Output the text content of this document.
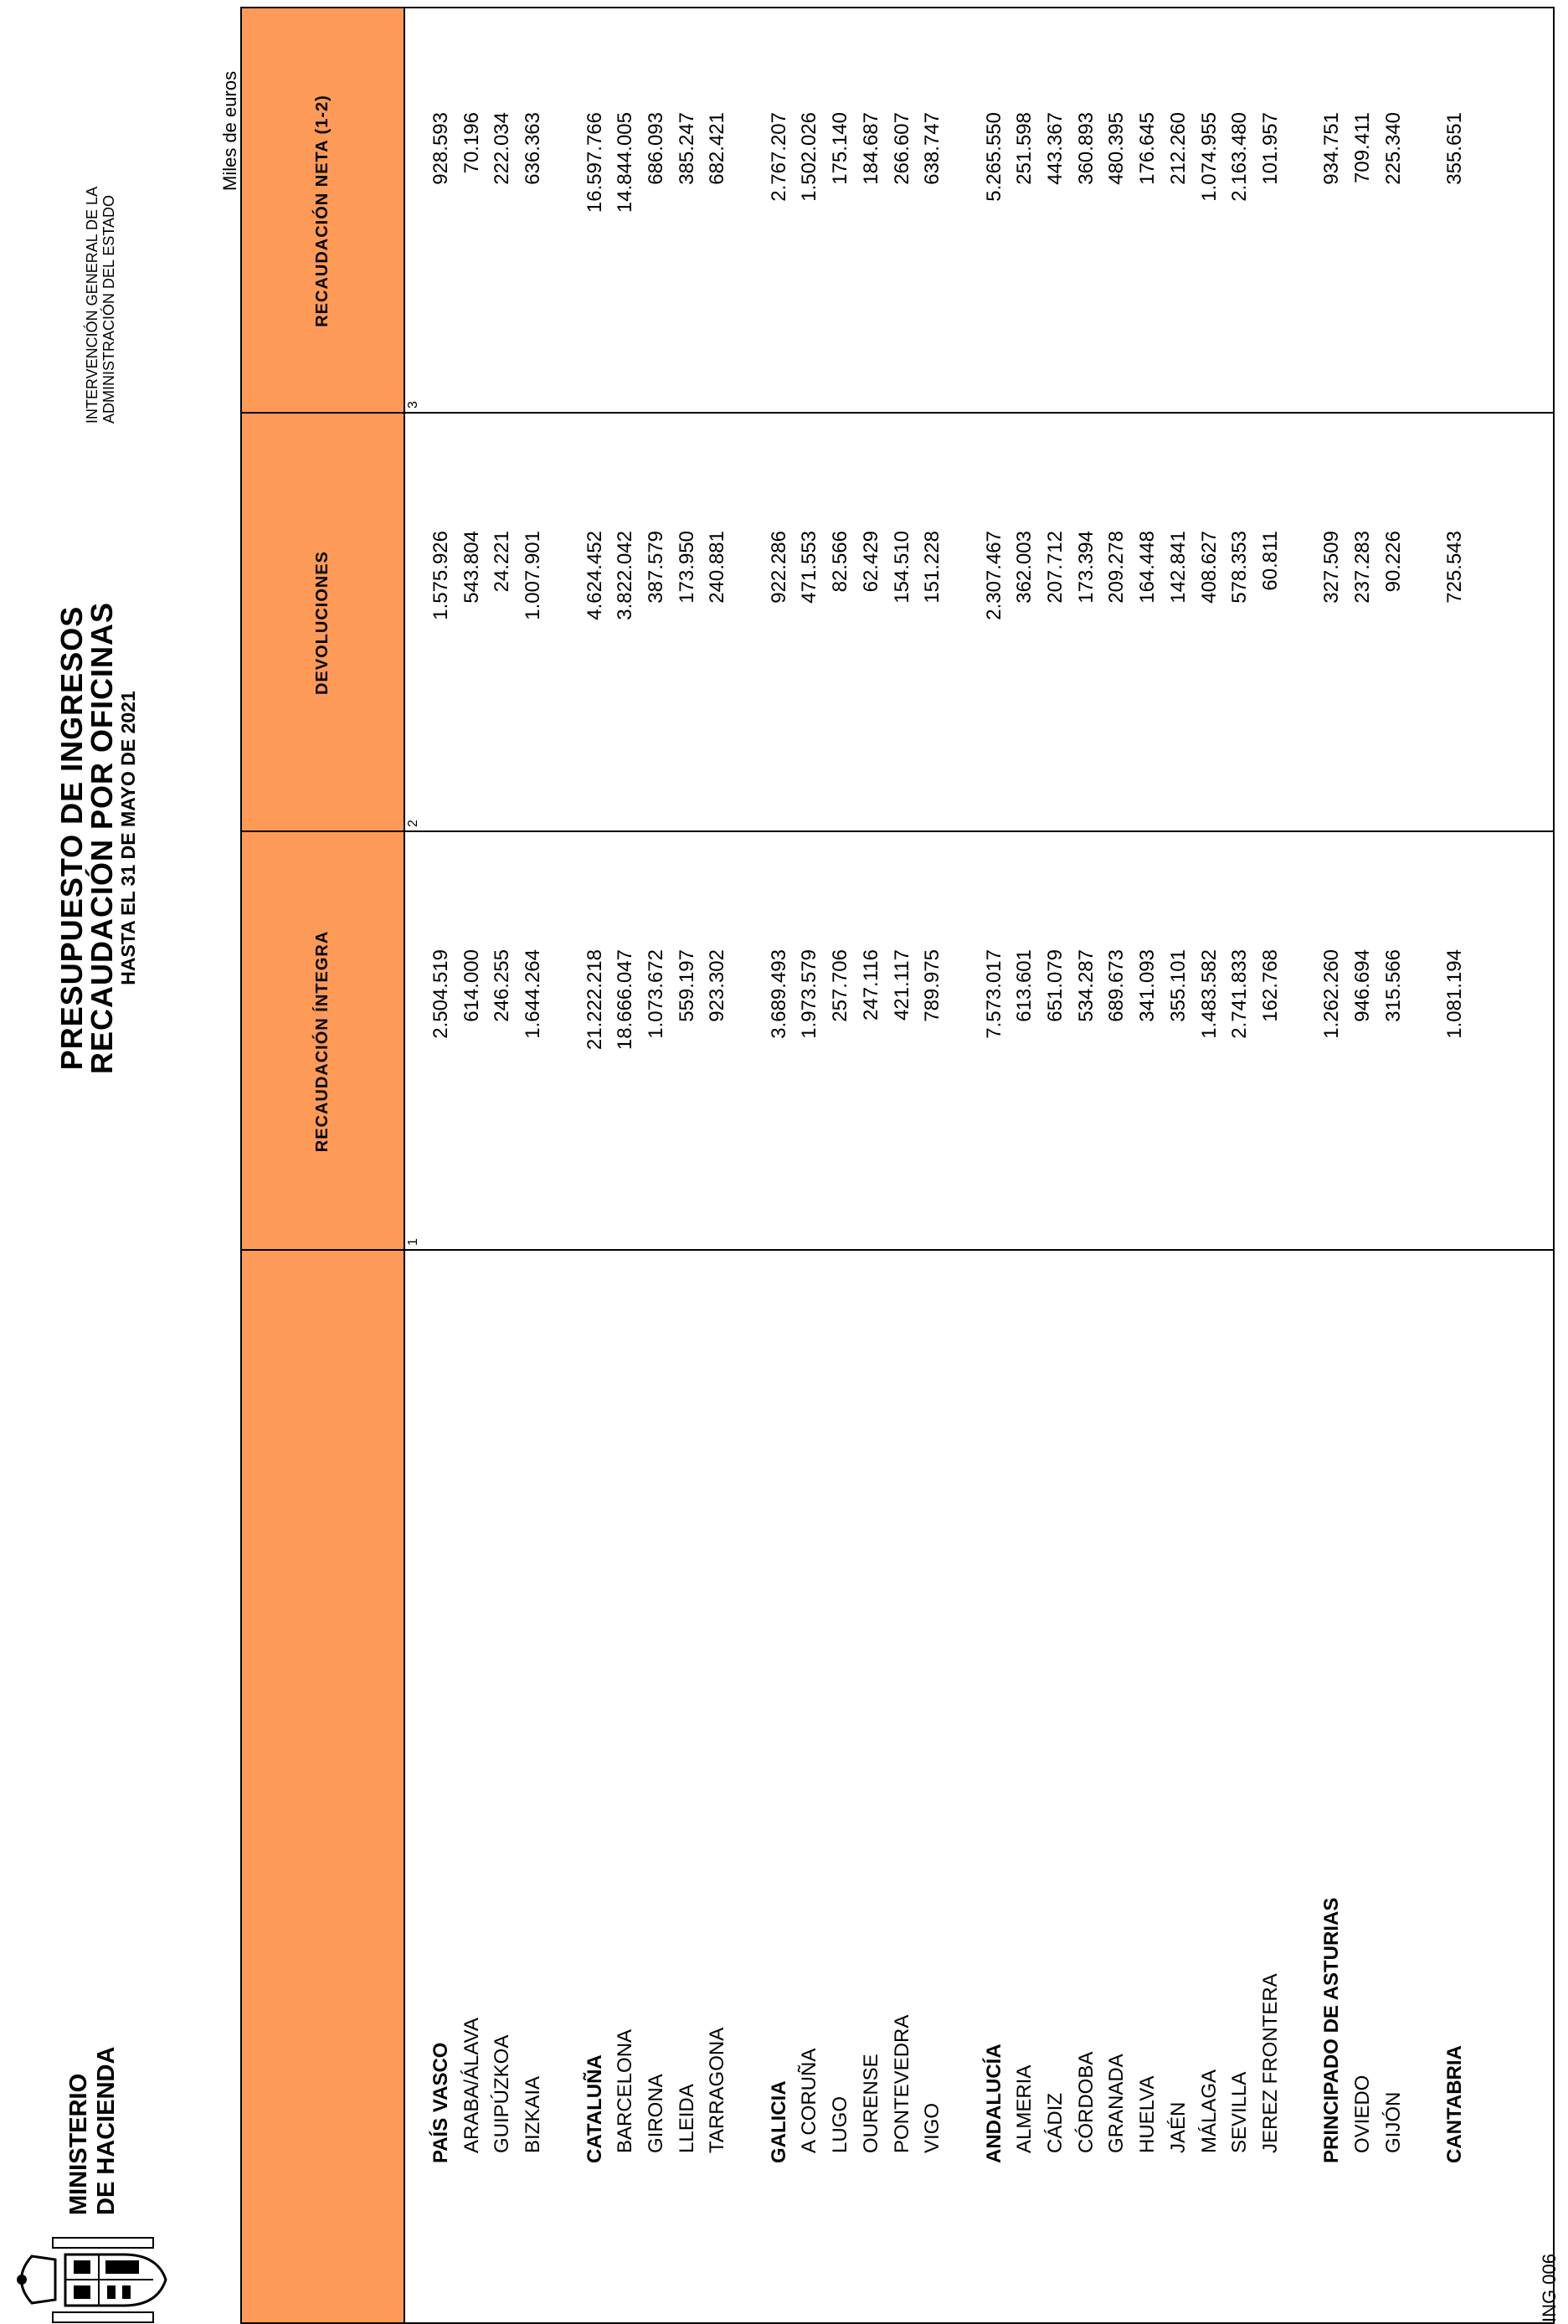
MINISTERIO DE HACIENDA
PRESUPUESTO DE INGRESOS
RECAUDACIÓN POR OFICINAS
HASTA EL 31 DE MAYO DE 2021
INTERVENCIÓN GENERAL DE LA ADMINISTRACIÓN DEL ESTADO
Miles de euros
ING 006
RECAUDACIÓN ÍNTEGRA
DEVOLUCIONES
RECAUDACIÓN NETA (1-2)
1
2
3
PAÍS VASCO
2.504.519
1.575.926
928.593
ARABA/ÁLAVA
614.000
543.804
70.196
GUIPÚZKOA
246.255
24.221
222.034
BIZKAIA
1.644.264
1.007.901
636.363
CATALUÑA
21.222.218
4.624.452
16.597.766
BARCELONA
18.666.047
3.822.042
14.844.005
GIRONA
1.073.672
387.579
686.093
LLEIDA
559.197
173.950
385.247
TARRAGONA
923.302
240.881
682.421
GALICIA
3.689.493
922.286
2.767.207
A CORUÑA
1.973.579
471.553
1.502.026
LUGO
257.706
82.566
175.140
OURENSE
247.116
62.429
184.687
PONTEVEDRA
421.117
154.510
266.607
VIGO
789.975
151.228
638.747
ANDALUCÍA
7.573.017
2.307.467
5.265.550
ALMERIA
613.601
362.003
251.598
CÁDIZ
651.079
207.712
443.367
CÓRDOBA
534.287
173.394
360.893
GRANADA
689.673
209.278
480.395
HUELVA
341.093
164.448
176.645
JAÉN
355.101
142.841
212.260
MÁLAGA
1.483.582
408.627
1.074.955
SEVILLA
2.741.833
578.353
2.163.480
JEREZ FRONTERA
162.768
60.811
101.957
PRINCIPADO DE ASTURIAS
1.262.260
327.509
934.751
OVIEDO
946.694
237.283
709.411
GIJÓN
315.566
90.226
225.340
CANTABRIA
1.081.194
725.543
355.651
